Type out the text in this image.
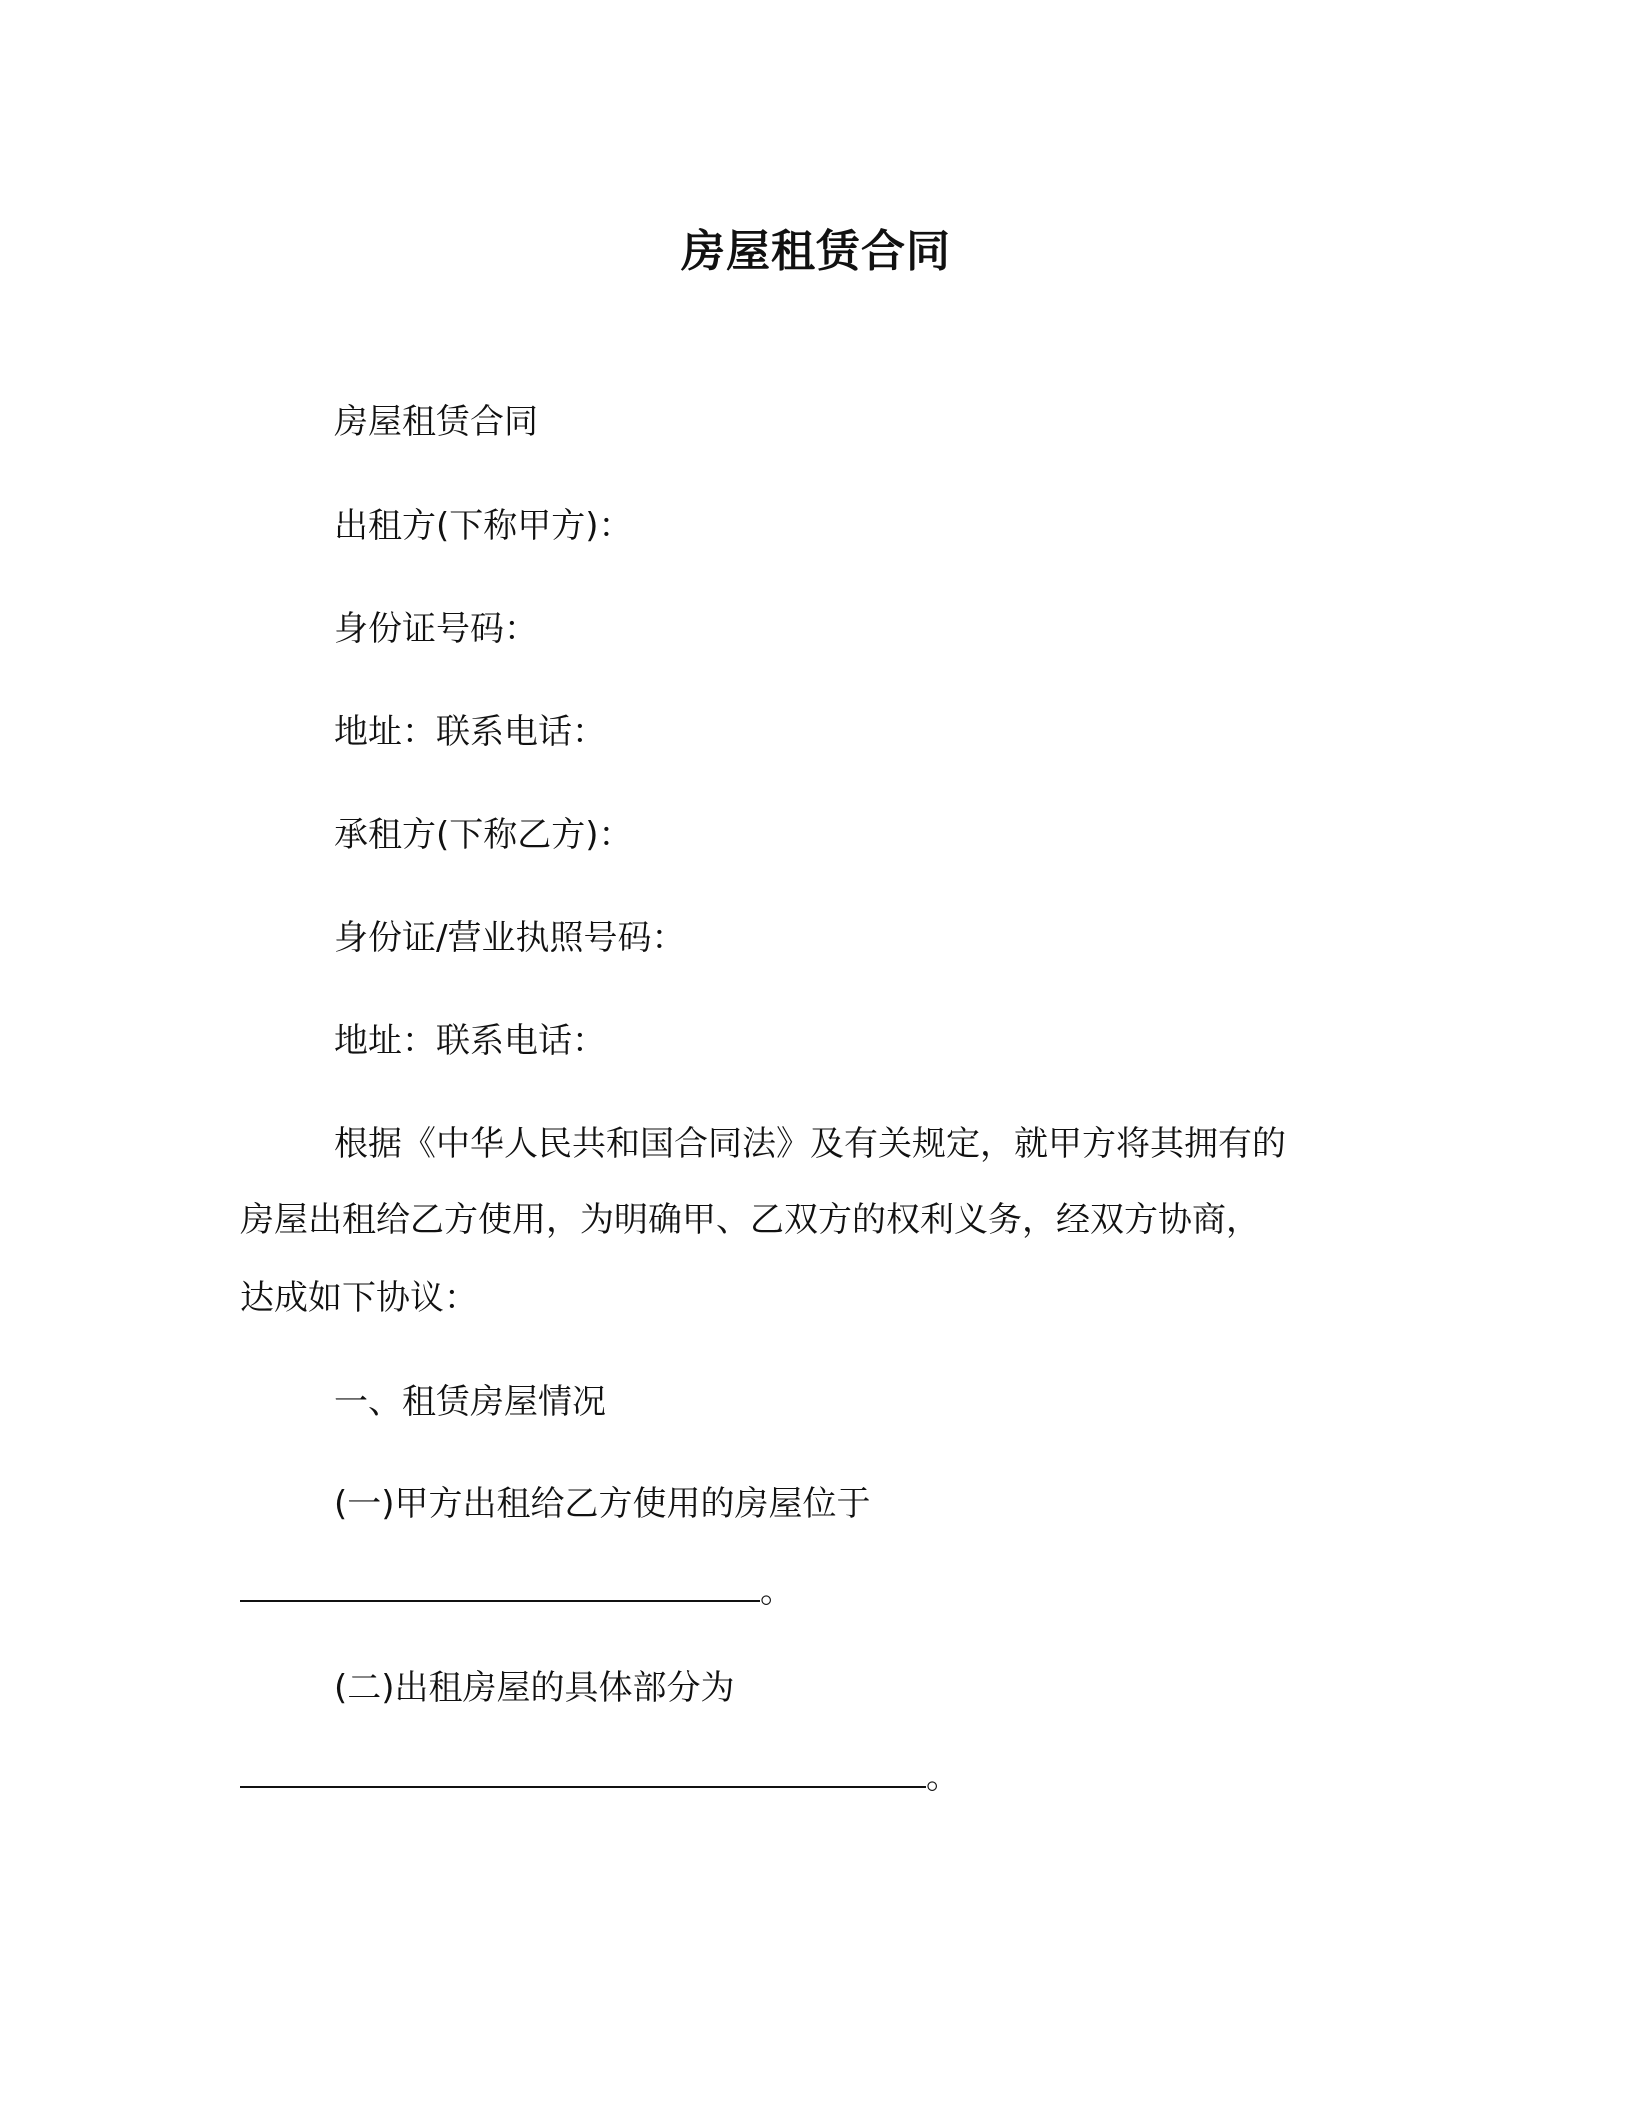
房屋租赁合同
房屋租赁合同
出租方(下称甲方)：
身份证号码：
地址：联系电话：
承租方(下称乙方)：
身份证/营业执照号码：
地址：联系电话：
根据《中华人民共和国合同法》及有关规定，就甲方将其拥有的
房屋出租给乙方使用，为明确甲、乙双方的权利义务，经双方协商，
达成如下协议：
一、租赁房屋情况
(一)甲方出租给乙方使用的房屋位于
。
(二)出租房屋的具体部分为
。
